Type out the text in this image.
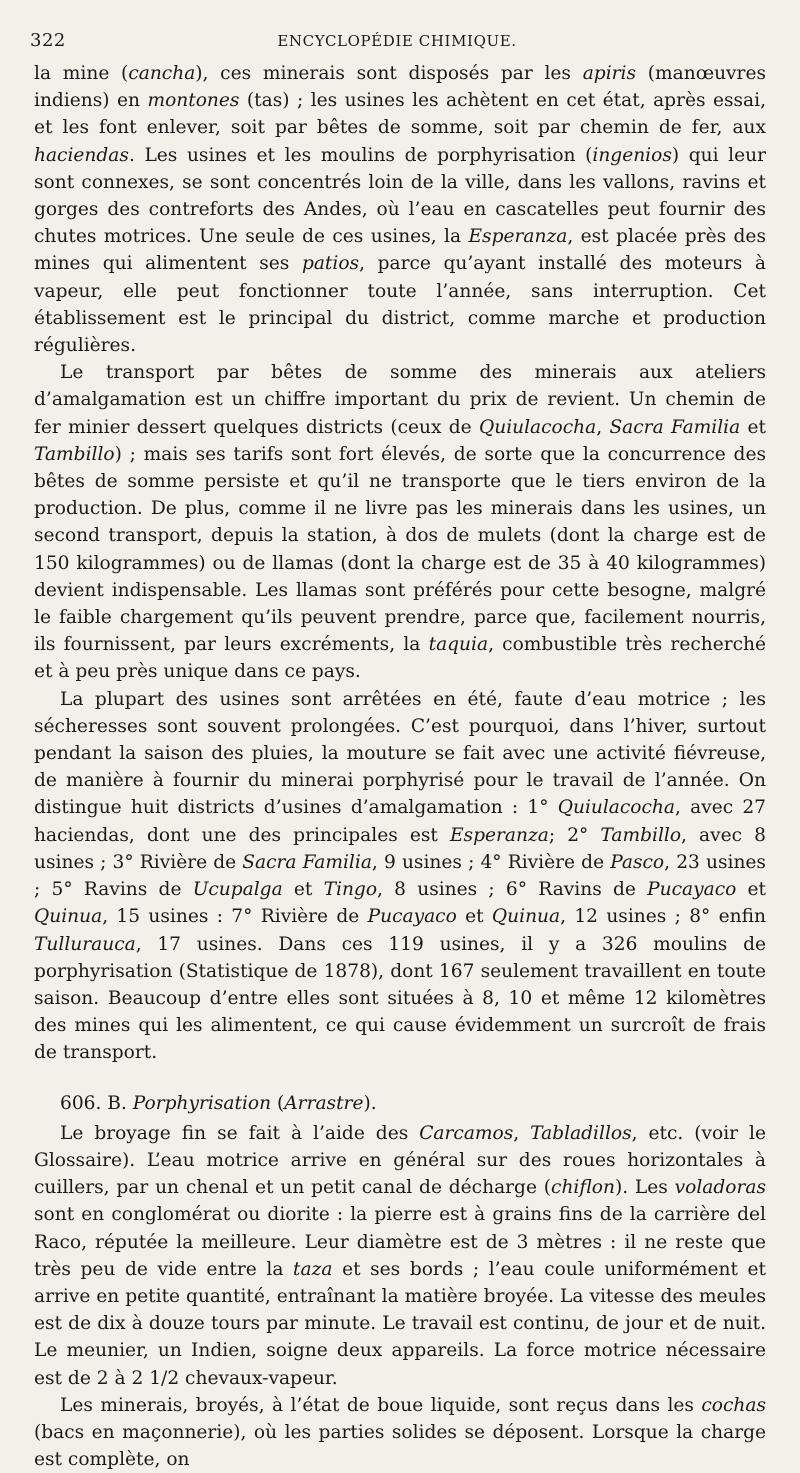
322	ENCYCLOPÉDIE CHIMIQUE.

la mine (cancha), ces minerais sont disposés par les apiris (manœuvres indiens) en montones (tas) ; les usines les achètent en cet état, après essai, et les font enlever, soit par bêtes de somme, soit par chemin de fer, aux haciendas. Les usines et les moulins de porphyrisation (ingenios) qui leur sont connexes, se sont concentrés loin de la ville, dans les vallons, ravins et gorges des contreforts des Andes, où l’eau en cascatelles peut fournir des chutes motrices. Une seule de ces usines, la Esperanza, est placée près des mines qui alimentent ses patios, parce qu’ayant installé des moteurs à vapeur, elle peut fonctionner toute l’année, sans interruption. Cet établissement est le principal du district, comme marche et production régulières.

Le transport par bêtes de somme des minerais aux ateliers d’amalgamation est un chiffre important du prix de revient. Un chemin de fer minier dessert quelques districts (ceux de Quiulacocha, Sacra Familia et Tambillo) ; mais ses tarifs sont fort élevés, de sorte que la concurrence des bêtes de somme persiste et qu’il ne transporte que le tiers environ de la production. De plus, comme il ne livre pas les minerais dans les usines, un second transport, depuis la station, à dos de mulets (dont la charge est de 150 kilogrammes) ou de llamas (dont la charge est de 35 à 40 kilogrammes) devient indispensable. Les llamas sont préférés pour cette besogne, malgré le faible chargement qu’ils peuvent prendre, parce que, facilement nourris, ils fournissent, par leurs excréments, la taquia, combustible très recherché et à peu près unique dans ce pays.

La plupart des usines sont arrêtées en été, faute d’eau motrice ; les sécheresses sont souvent prolongées. C’est pourquoi, dans l’hiver, surtout pendant la saison des pluies, la mouture se fait avec une activité fiévreuse, de manière à fournir du minerai porphyrisé pour le travail de l’année. On distingue huit districts d’usines d’amalgamation : 1° Quiulacocha, avec 27 haciendas, dont une des principales est Esperanza; 2° Tambillo, avec 8 usines ; 3° Rivière de Sacra Familia, 9 usines ; 4° Rivière de Pasco, 23 usines ; 5° Ravins de Ucupalga et Tingo, 8 usines ; 6° Ravins de Pucayaco et Quinua, 15 usines : 7° Rivière de Pucayaco et Quinua, 12 usines ; 8° enfin Tullurauca, 17 usines. Dans ces 119 usines, il y a 326 moulins de porphyrisation (Statistique de 1878), dont 167 seulement travaillent en toute saison. Beaucoup d’entre elles sont situées à 8, 10 et même 12 kilomètres des mines qui les alimentent, ce qui cause évidemment un surcroît de frais de transport.

606. B. Porphyrisation (Arrastre).

Le broyage fin se fait à l’aide des Carcamos, Tabladillos, etc. (voir le Glossaire). L’eau motrice arrive en général sur des roues horizontales à cuillers, par un chenal et un petit canal de décharge (chiflon). Les voladoras sont en conglomérat ou diorite : la pierre est à grains fins de la carrière del Raco, réputée la meilleure. Leur diamètre est de 3 mètres : il ne reste que très peu de vide entre la taza et ses bords ; l’eau coule uniformément et arrive en petite quantité, entraînant la matière broyée. La vitesse des meules est de dix à douze tours par minute. Le travail est continu, de jour et de nuit. Le meunier, un Indien, soigne deux appareils. La force motrice nécessaire est de 2 à 2 1/2 chevaux-vapeur.

Les minerais, broyés, à l’état de boue liquide, sont reçus dans les cochas (bacs en maçonnerie), où les parties solides se déposent. Lorsque la charge est complète, on
